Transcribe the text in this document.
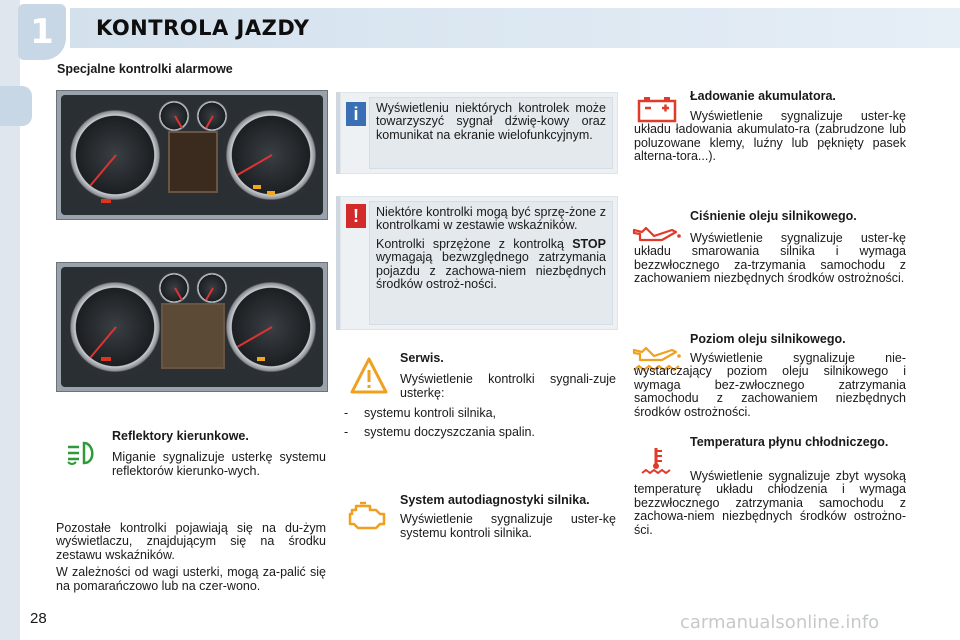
1	KONTROLA JAZDY
Specjalne kontrolki alarmowe
i	Wyświetleniu niektórych kontrolek może towarzyszyć sygnał dźwię-kowy oraz komunikat na ekranie wielofunkcyjnym.
!	Niektóre kontrolki mogą być sprzę-żone z kontrolkami w zestawie wskaźników.
Kontrolki sprzężone z kontrolką STOP wymagają bezwzględnego zatrzymania pojazdu z zachowa-niem niezbędnych środków ostroż-ności.
Serwis.
Wyświetlenie kontrolki sygnali-zuje usterkę:
- systemu kontroli silnika,
- systemu doczyszczania spalin.
System autodiagnostyki silnika.
Wyświetlenie sygnalizuje uster-kę systemu kontroli silnika.
Reflektory kierunkowe.
Miganie sygnalizuje usterkę systemu reflektorów kierunko-wych.
Pozostałe kontrolki pojawiają się na du-żym wyświetlaczu, znajdującym się na środku zestawu wskaźników.
W zależności od wagi usterki, mogą za-palić się na pomarańczowo lub na czer-wono.
Ładowanie akumulatora.
Wyświetlenie sygnalizuje uster-kę układu ładowania akumulato-ra (zabrudzone lub poluzowane klemy, luźny lub pęknięty pasek alterna-tora...).
Ciśnienie oleju silnikowego.
Wyświetlenie sygnalizuje uster-kę układu smarowania silnika i wymaga bezzwłocznego za-trzymania samochodu z zachowaniem niezbędnych środków ostrożności.
Poziom oleju silnikowego.
Wyświetlenie sygnalizuje nie-wystarczający poziom oleju silnikowego i wymaga bez-zwłocznego zatrzymania samochodu z zachowaniem niezbędnych środków ostrożności.
Temperatura płynu chłodniczego.
Wyświetlenie sygnalizuje zbyt wysoką temperaturę układu chłodzenia i wymaga bezzwłocznego zatrzymania samochodu z zachowa-niem niezbędnych środków ostrożno-ści.
28	carmanualsonline.info
